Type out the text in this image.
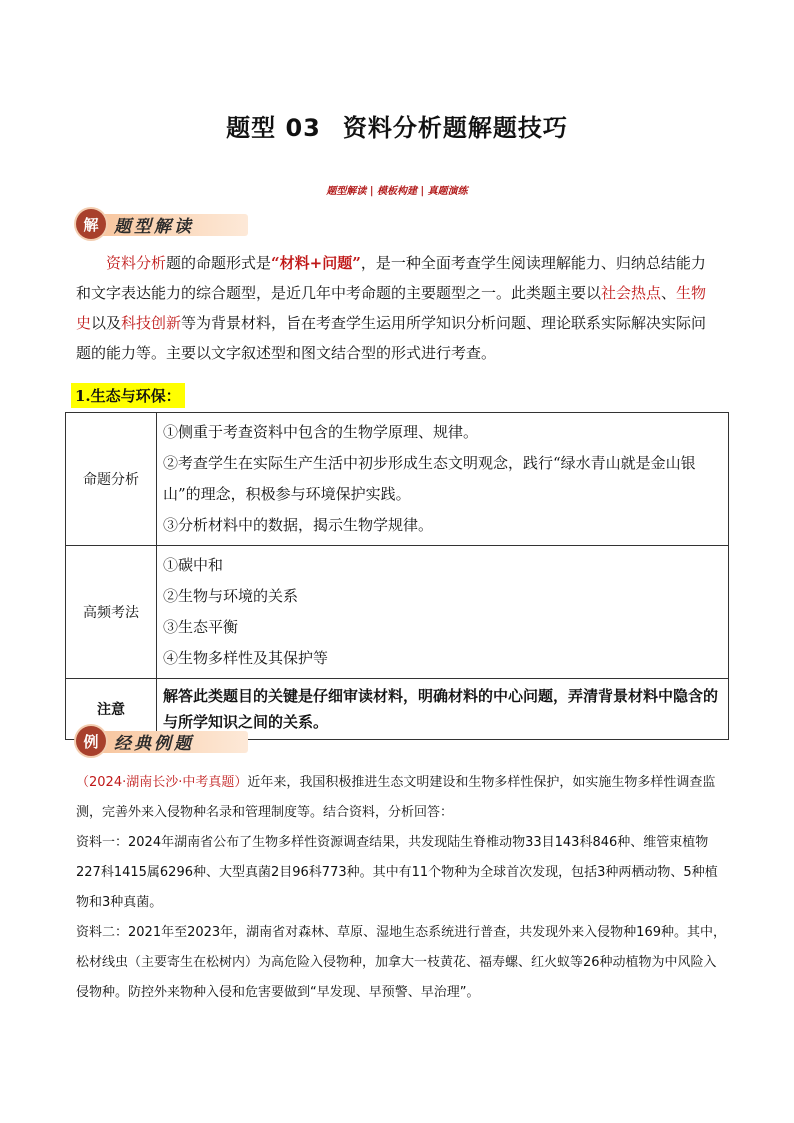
题型 03 资料分析题解题技巧
题型解读 | 模板构建 | 真题演练
解 题型解读

资料分析题的命题形式是“材料+问题”，是一种全面考查学生阅读理解能力、归纳总结能力和文字表达能力的综合题型，是近几年中考命题的主要题型之一。此类题主要以社会热点、生物史以及科技创新等为背景材料，旨在考查学生运用所学知识分析问题、理论联系实际解决实际问题的能力等。主要以文字叙述型和图文结合型的形式进行考查。

1.生态与环保：
命题分析	①侧重于考查资料中包含的生物学原理、规律。
②考查学生在实际生产生活中初步形成生态文明观念，践行“绿水青山就是金山银山”的理念，积极参与环境保护实践。
③分析材料中的数据，揭示生物学规律。

高频考法	①碳中和
②生物与环境的关系
③生态平衡
④生物多样性及其保护等

注意	解答此类题目的关键是仔细审读材料，明确材料的中心问题，弄清背景材料中隐含的与所学知识之间的关系。
例 经典例题

（2024·湖南长沙·中考真题）近年来，我国积极推进生态文明建设和生物多样性保护，如实施生物多样性调查监测，完善外来入侵物种名录和管理制度等。结合资料，分析回答：

资料一：2024年湖南省公布了生物多样性资源调查结果，共发现陆生脊椎动物33目143科846种、维管束植物227科1415属6296种、大型真菌2目96科773种。其中有11个物种为全球首次发现，包括3种两栖动物、5种植物和3种真菌。

资料二：2021年至2023年，湖南省对森林、草原、湿地生态系统进行普查，共发现外来入侵物种169种。其中，松材线虫（主要寄生在松树内）为高危险入侵物种，加拿大一枝黄花、福寿螺、红火蚁等26种动植物为中风险入侵物种。防控外来物种入侵和危害要做到“早发现、早预警、早治理”。
